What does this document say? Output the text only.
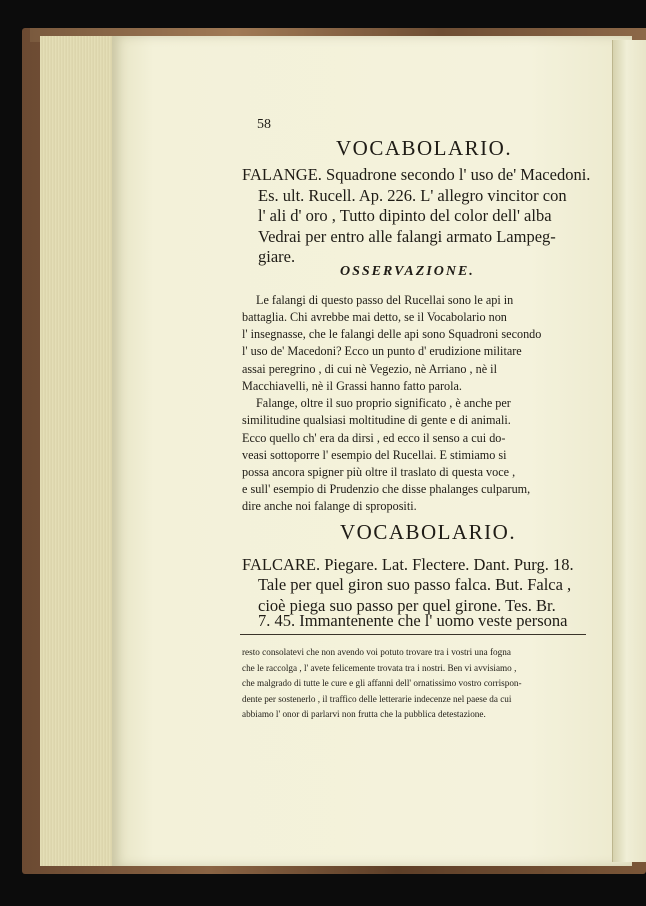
58
VOCABOLARIO.
FALANGE. Squadrone secondo l' uso de' Macedoni.
Es. ult. Rucell. Ap. 226. L' allegro vincitor con
l' ali d' oro , Tutto dipinto del color dell' alba
Vedrai per entro alle falangi armato Lampeg-
giare.
OSSERVAZIONE.
Le falangi di questo passo del Rucellai sono le api in
battaglia. Chi avrebbe mai detto, se il Vocabolario non
l' insegnasse, che le falangi delle api sono Squadroni secondo
l' uso de' Macedoni? Ecco un punto d' erudizione militare
assai peregrino , di cui nè Vegezio, nè Arriano , nè il
Macchiavelli, nè il Grassi hanno fatto parola.
Falange, oltre il suo proprio significato , è anche per
similitudine qualsiasi moltitudine di gente e di animali.
Ecco quello ch' era da dirsi , ed ecco il senso a cui do-
veasi sottoporre l' esempio del Rucellai. E stimiamo si
possa ancora spigner più oltre il traslato di questa voce ,
e sull' esempio di Prudenzio che disse phalanges culparum,
dire anche noi falange di spropositi.
VOCABOLARIO.
FALCARE. Piegare. Lat. Flectere. Dant. Purg. 18.
Tale per quel giron suo passo falca. But. Falca ,
cioè piega suo passo per quel girone. Tes. Br.
7. 45. Immantenente che l' uomo veste persona
resto consolatevi che non avendo voi potuto trovare tra i vostri una fogna
che le raccolga , l' avete felicemente trovata tra i nostri. Ben vi avvisiamo ,
che malgrado di tutte le cure e gli affanni dell' ornatissimo vostro corrispon-
dente per sostenerlo , il traffico delle letterarie indecenze nel paese da cui
abbiamo l' onor di parlarvi non frutta che la pubblica detestazione.
